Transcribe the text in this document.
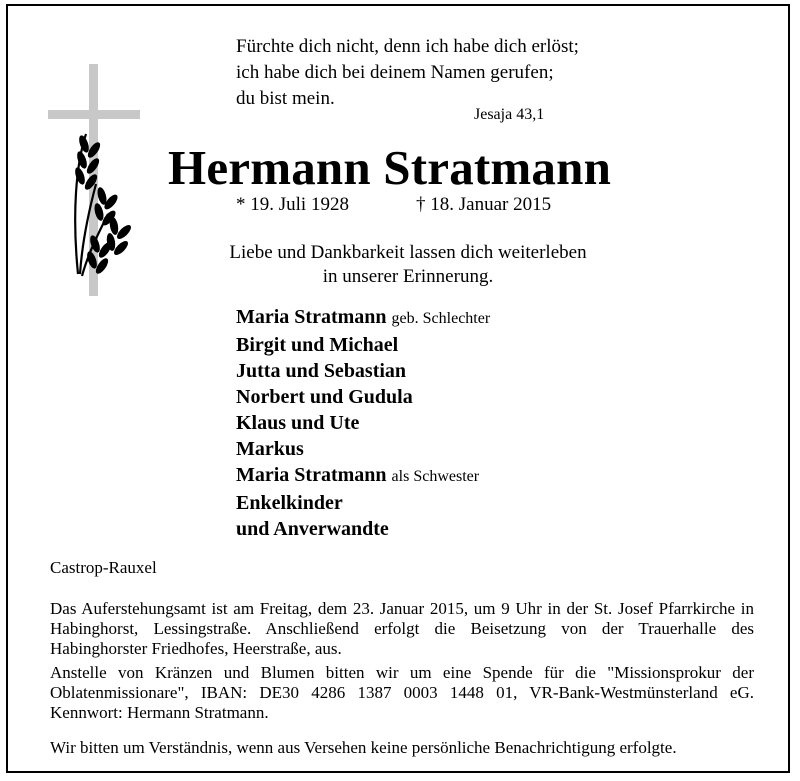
Fürchte dich nicht, denn ich habe dich erlöst;
ich habe dich bei deinem Namen gerufen;
du bist mein.
Jesaja 43,1
Hermann Stratmann
* 19. Juli 1928	† 18. Januar 2015
Liebe und Dankbarkeit lassen dich weiterleben
in unserer Erinnerung.
Maria Stratmann geb. Schlechter
Birgit und Michael
Jutta und Sebastian
Norbert und Gudula
Klaus und Ute
Markus
Maria Stratmann als Schwester
Enkelkinder
und Anverwandte
Castrop-Rauxel
Das Auferstehungsamt ist am Freitag, dem 23. Januar 2015, um 9 Uhr in der St. Josef Pfarrkirche in Habinghorst, Lessingstraße. Anschließend erfolgt die Beisetzung von der Trauerhalle des Habinghorster Friedhofes, Heerstraße, aus.
Anstelle von Kränzen und Blumen bitten wir um eine Spende für die "Missionsprokur der Oblatenmissionare", IBAN: DE30 4286 1387 0003 1448 01, VR-Bank-Westmünsterland eG. Kennwort: Hermann Stratmann.
Wir bitten um Verständnis, wenn aus Versehen keine persönliche Benachrichtigung erfolgte.
